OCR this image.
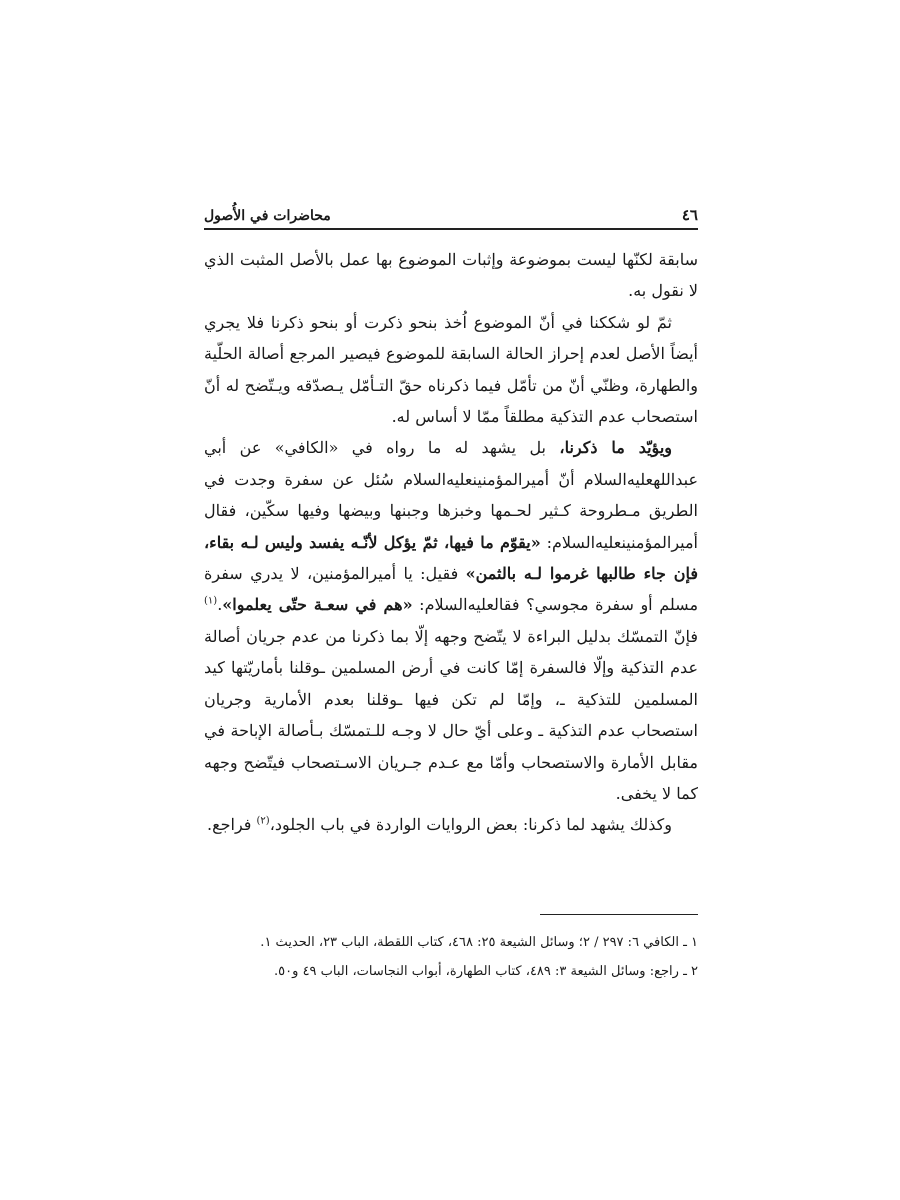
٤٦
محاضرات في الأُصول

سابقة لكنّها ليست بموضوعة وإثبات الموضوع بها عمل بالأصل المثبت الذي لا نقول به.

ثمّ لو شككنا في أنّ الموضوع اُخذ بنحو ذكرت أو بنحو ذكرنا فلا يجري أيضاً الأصل لعدم إحراز الحالة السابقة للموضوع فيصير المرجع أصالة الحلّية والطهارة، وظنّي أنّ من تأمّل فيما ذكرناه حقّ التـأمّل يـصدّقه ويـتّضح له أنّ استصحاب عدم التذكية مطلقاً ممّا لا أساس له.

ويؤيّد ما ذكرنا، بل يشهد له ما رواه في «الكافي» عن أبي عبداللهعليه‌السلام أنّ أميرالمؤمنينعليه‌السلام سُئل عن سفرة وجدت في الطريق مـطروحة كـثير لحـمها وخبزها وجبنها وبيضها وفيها سكّين، فقال أميرالمؤمنينعليه‌السلام: «يقوّم ما فيها، ثمّ يؤكل لأنّـه يفسد وليس لـه بقاء، فإن جاء طالبها غرموا لـه بالثمن» فقيل: يا أميرالمؤمنين، لا يدري سفرة مسلم أو سفرة مجوسي؟ فقالعليه‌السلام: «هم في سعـة حتّى يعلموا».$^{(١)}$ فإنّ التمسّك بدليل البراءة لا يتّضح وجهه إلّا بما ذكرنا من عدم جريان أصالة عدم التذكية وإلّا فالسفرة إمّا كانت في أرض المسلمين ـوقلنا بأماريّتها كيد المسلمين للتذكية ـ، وإمّا لم تكن فيها ـوقلنا بعدم الأمارية وجريان استصحاب عدم التذكية ـ وعلى أيّ حال لا وجـه للـتمسّك بـأصالة الإباحة في مقابل الأمارة والاستصحاب وأمّا مع عـدم جـريان الاسـتصحاب فيتّضح وجهه كما لا يخفى.

وكذلك يشهد لما ذكرنا: بعض الروايات الواردة في باب الجلود،$^{(٢)}$ فراجع.

١ ـ الكافي ٦: ٢٩٧ / ٢؛ وسائل الشيعة ٢٥: ٤٦٨، كتاب اللقطة، الباب ٢٣، الحديث ١.

٢ ـ راجع: وسائل الشيعة ٣: ٤٨٩، كتاب الطهارة، أبواب النجاسات، الباب ٤٩ و٥٠.
